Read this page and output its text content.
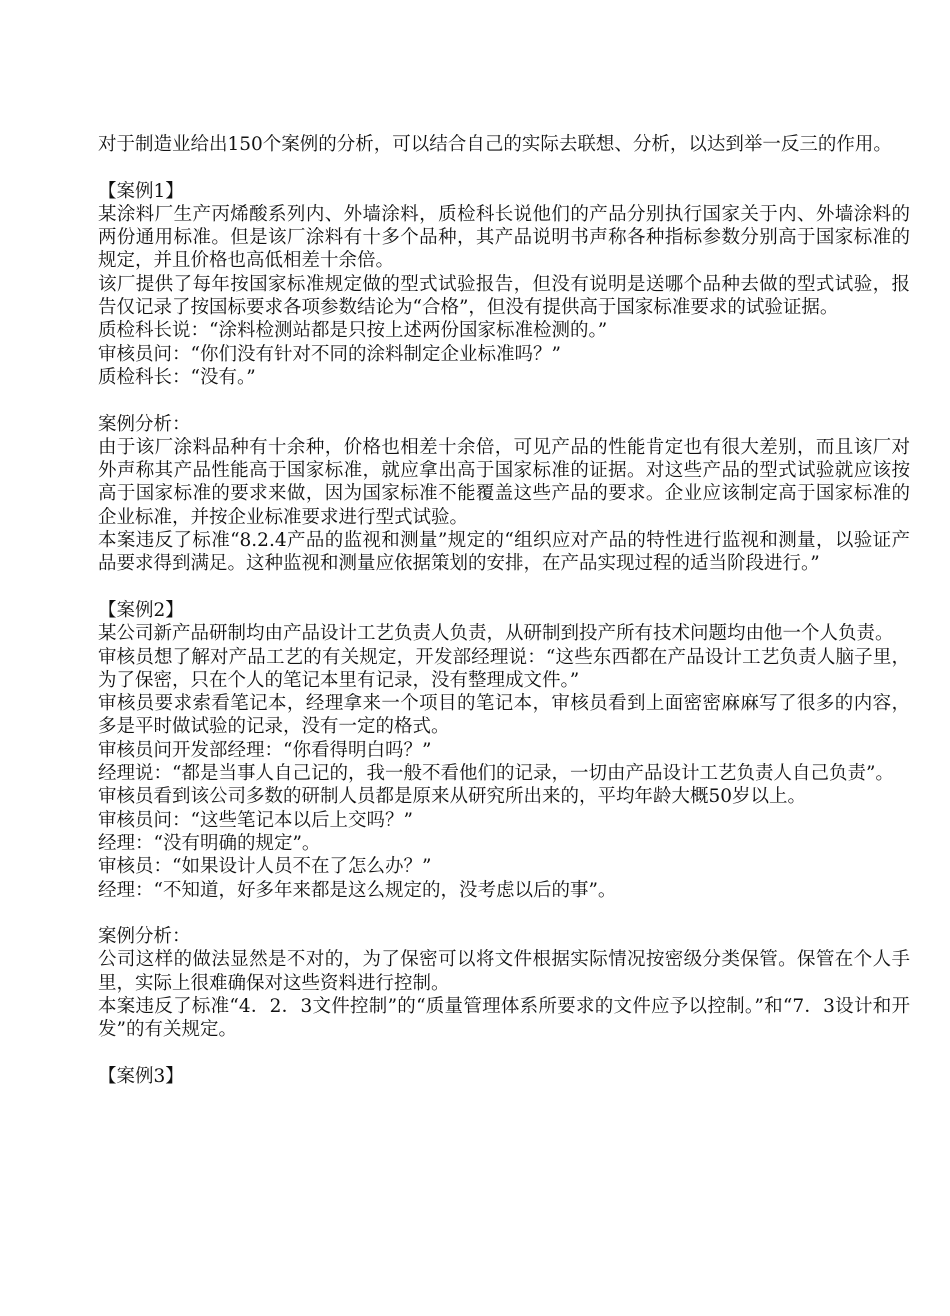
对于制造业给出150个案例的分析，可以结合自己的实际去联想、分析，以达到举一反三的作用。

【案例1】

某涂料厂生产丙烯酸系列内、外墙涂料，质检科长说他们的产品分别执行国家关于内、外墙涂料的两份通用标准。但是该厂涂料有十多个品种，其产品说明书声称各种指标参数分别高于国家标准的规定，并且价格也高低相差十余倍。

该厂提供了每年按国家标准规定做的型式试验报告，但没有说明是送哪个品种去做的型式试验，报告仅记录了按国标要求各项参数结论为“合格”，但没有提供高于国家标准要求的试验证据。

质检科长说：“涂料检测站都是只按上述两份国家标准检测的。”

审核员问：“你们没有针对不同的涂料制定企业标准吗？”

质检科长：“没有。”

案例分析：

由于该厂涂料品种有十余种，价格也相差十余倍，可见产品的性能肯定也有很大差别，而且该厂对外声称其产品性能高于国家标准，就应拿出高于国家标准的证据。对这些产品的型式试验就应该按高于国家标准的要求来做，因为国家标准不能覆盖这些产品的要求。企业应该制定高于国家标准的企业标准，并按企业标准要求进行型式试验。

本案违反了标准“8.2.4产品的监视和测量”规定的“组织应对产品的特性进行监视和测量，以验证产品要求得到满足。这种监视和测量应依据策划的安排，在产品实现过程的适当阶段进行。”

【案例2】

某公司新产品研制均由产品设计工艺负责人负责，从研制到投产所有技术问题均由他一个人负责。

审核员想了解对产品工艺的有关规定，开发部经理说：“这些东西都在产品设计工艺负责人脑子里，为了保密，只在个人的笔记本里有记录，没有整理成文件。”

审核员要求索看笔记本，经理拿来一个项目的笔记本，审核员看到上面密密麻麻写了很多的内容，多是平时做试验的记录，没有一定的格式。

审核员问开发部经理：“你看得明白吗？”

经理说：“都是当事人自己记的，我一般不看他们的记录，一切由产品设计工艺负责人自己负责”。

审核员看到该公司多数的研制人员都是原来从研究所出来的，平均年龄大概50岁以上。

审核员问：“这些笔记本以后上交吗？”

经理：“没有明确的规定”。

审核员：“如果设计人员不在了怎么办？”

经理：“不知道，好多年来都是这么规定的，没考虑以后的事”。

案例分析：

公司这样的做法显然是不对的，为了保密可以将文件根据实际情况按密级分类保管。保管在个人手里，实际上很难确保对这些资料进行控制。

本案违反了标准“4．2．3文件控制”的“质量管理体系所要求的文件应予以控制。”和“7．3设计和开发”的有关规定。

【案例3】
